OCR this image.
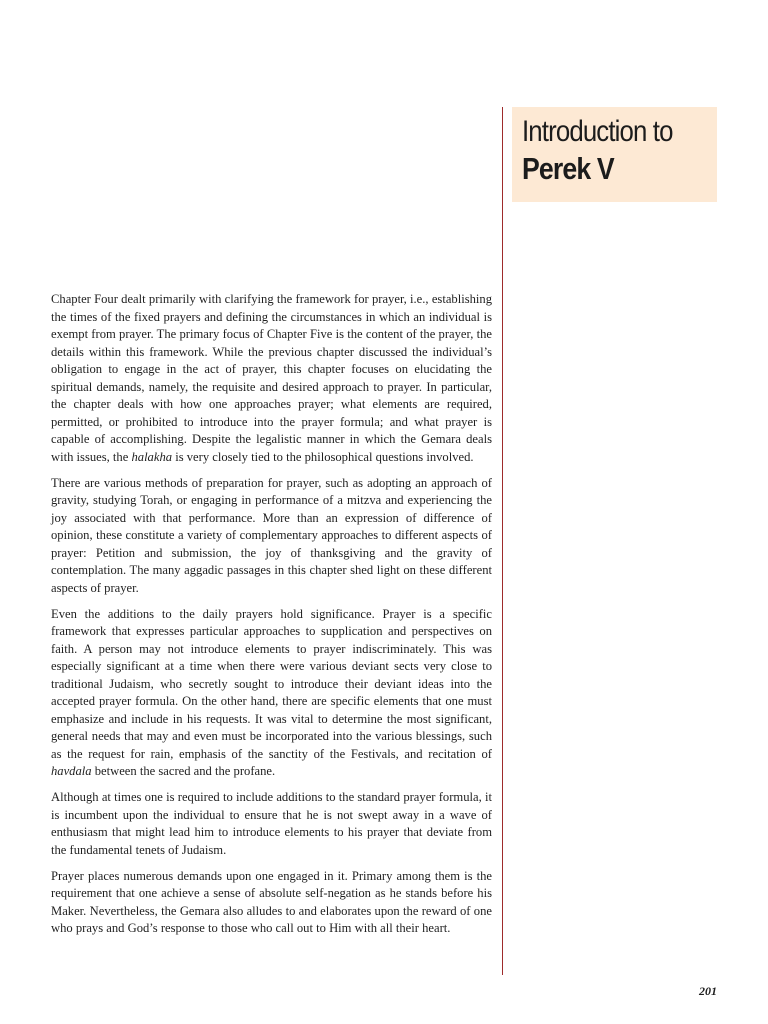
Introduction to
Perek V

Chapter Four dealt primarily with clarifying the framework for prayer, i.e., establishing the times of the fixed prayers and defining the circumstances in which an individual is exempt from prayer. The primary focus of Chapter Five is the content of the prayer, the details within this framework. While the previous chapter discussed the individual’s obligation to engage in the act of prayer, this chapter focuses on elucidating the spiritual demands, namely, the requisite and desired approach to prayer. In particular, the chapter deals with how one approaches prayer; what elements are required, permitted, or prohibited to introduce into the prayer formula; and what prayer is capable of accomplishing. Despite the legalistic manner in which the Gemara deals with issues, the halakha is very closely tied to the philosophical questions involved.

There are various methods of preparation for prayer, such as adopting an approach of gravity, studying Torah, or engaging in performance of a mitzva and experiencing the joy associated with that performance. More than an expression of difference of opinion, these constitute a variety of complementary approaches to different aspects of prayer: Petition and submission, the joy of thanksgiving and the gravity of contemplation. The many aggadic passages in this chapter shed light on these different aspects of prayer.

Even the additions to the daily prayers hold significance. Prayer is a specific framework that expresses particular approaches to supplication and perspectives on faith. A person may not introduce elements to prayer indiscriminately. This was especially significant at a time when there were various deviant sects very close to traditional Judaism, who secretly sought to introduce their deviant ideas into the accepted prayer formula. On the other hand, there are specific elements that one must emphasize and include in his requests. It was vital to determine the most significant, general needs that may and even must be incorporated into the various blessings, such as the request for rain, emphasis of the sanctity of the Festivals, and recitation of havdala between the sacred and the profane.

Although at times one is required to include additions to the standard prayer formula, it is incumbent upon the individual to ensure that he is not swept away in a wave of enthusiasm that might lead him to introduce elements to his prayer that deviate from the fundamental tenets of Judaism.

Prayer places numerous demands upon one engaged in it. Primary among them is the requirement that one achieve a sense of absolute self-negation as he stands before his Maker. Nevertheless, the Gemara also alludes to and elaborates upon the reward of one who prays and God’s response to those who call out to Him with all their heart.

201
